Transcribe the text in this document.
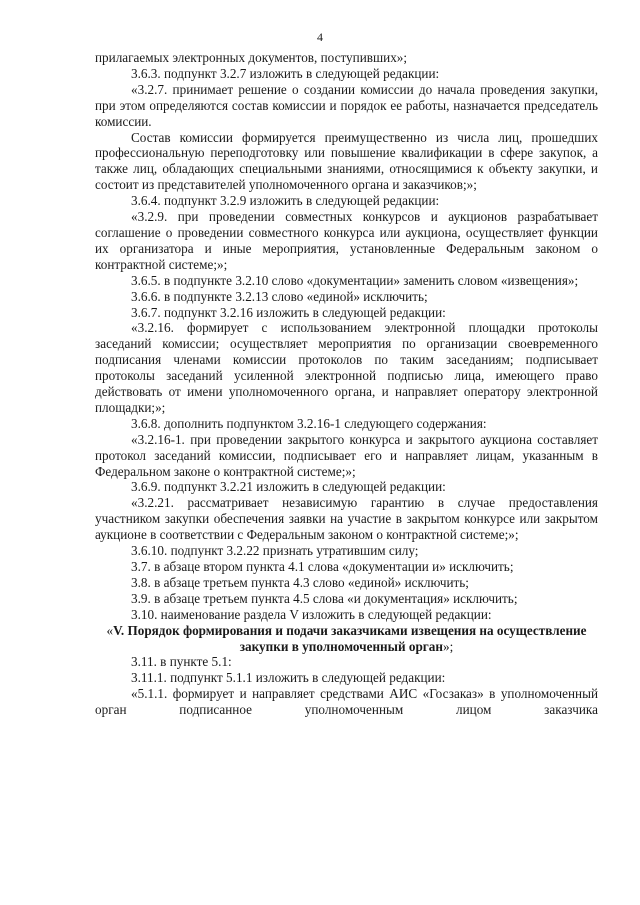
4

прилагаемых электронных документов, поступивших»;

3.6.3. подпункт 3.2.7 изложить в следующей редакции:

«3.2.7. принимает решение о создании комиссии до начала проведения закупки, при этом определяются состав комиссии и порядок ее работы, назначается председатель комиссии.

Состав комиссии формируется преимущественно из числа лиц, прошедших профессиональную переподготовку или повышение квалификации в сфере закупок, а также лиц, обладающих специальными знаниями, относящимися к объекту закупки, и состоит из представителей уполномоченного органа и заказчиков;»;

3.6.4. подпункт 3.2.9 изложить в следующей редакции:

«3.2.9. при проведении совместных конкурсов и аукционов разрабатывает соглашение о проведении совместного конкурса или аукциона, осуществляет функции их организатора и иные мероприятия, установленные Федеральным законом о контрактной системе;»;

3.6.5. в подпункте 3.2.10 слово «документации» заменить словом «извещения»;

3.6.6. в подпункте 3.2.13 слово «единой» исключить;

3.6.7. подпункт 3.2.16 изложить в следующей редакции:

«3.2.16. формирует с использованием электронной площадки протоколы заседаний комиссии; осуществляет мероприятия по организации своевременного подписания членами комиссии протоколов по таким заседаниям; подписывает протоколы заседаний усиленной электронной подписью лица, имеющего право действовать от имени уполномоченного органа, и направляет оператору электронной площадки;»;

3.6.8. дополнить подпунктом 3.2.16-1 следующего содержания:

«3.2.16-1. при проведении закрытого конкурса и закрытого аукциона составляет протокол заседаний комиссии, подписывает его и направляет лицам, указанным в Федеральном законе о контрактной системе;»;

3.6.9. подпункт 3.2.21 изложить в следующей редакции:

«3.2.21. рассматривает независимую гарантию в случае предоставления участником закупки обеспечения заявки на участие в закрытом конкурсе или закрытом аукционе в соответствии с Федеральным законом о контрактной системе;»;

3.6.10. подпункт 3.2.22 признать утратившим силу;

3.7. в абзаце втором пункта 4.1 слова «документации и» исключить;

3.8. в абзаце третьем пункта 4.3 слово «единой» исключить;

3.9. в абзаце третьем пункта 4.5 слова «и документация» исключить;

3.10. наименование раздела V изложить в следующей редакции:

«V. Порядок формирования и подачи заказчиками извещения на осуществление закупки в уполномоченный орган»;

3.11. в пункте 5.1:

3.11.1. подпункт 5.1.1 изложить в следующей редакции:

«5.1.1. формирует и направляет средствами АИС «Госзаказ» в уполномоченный орган подписанное уполномоченным лицом заказчика
